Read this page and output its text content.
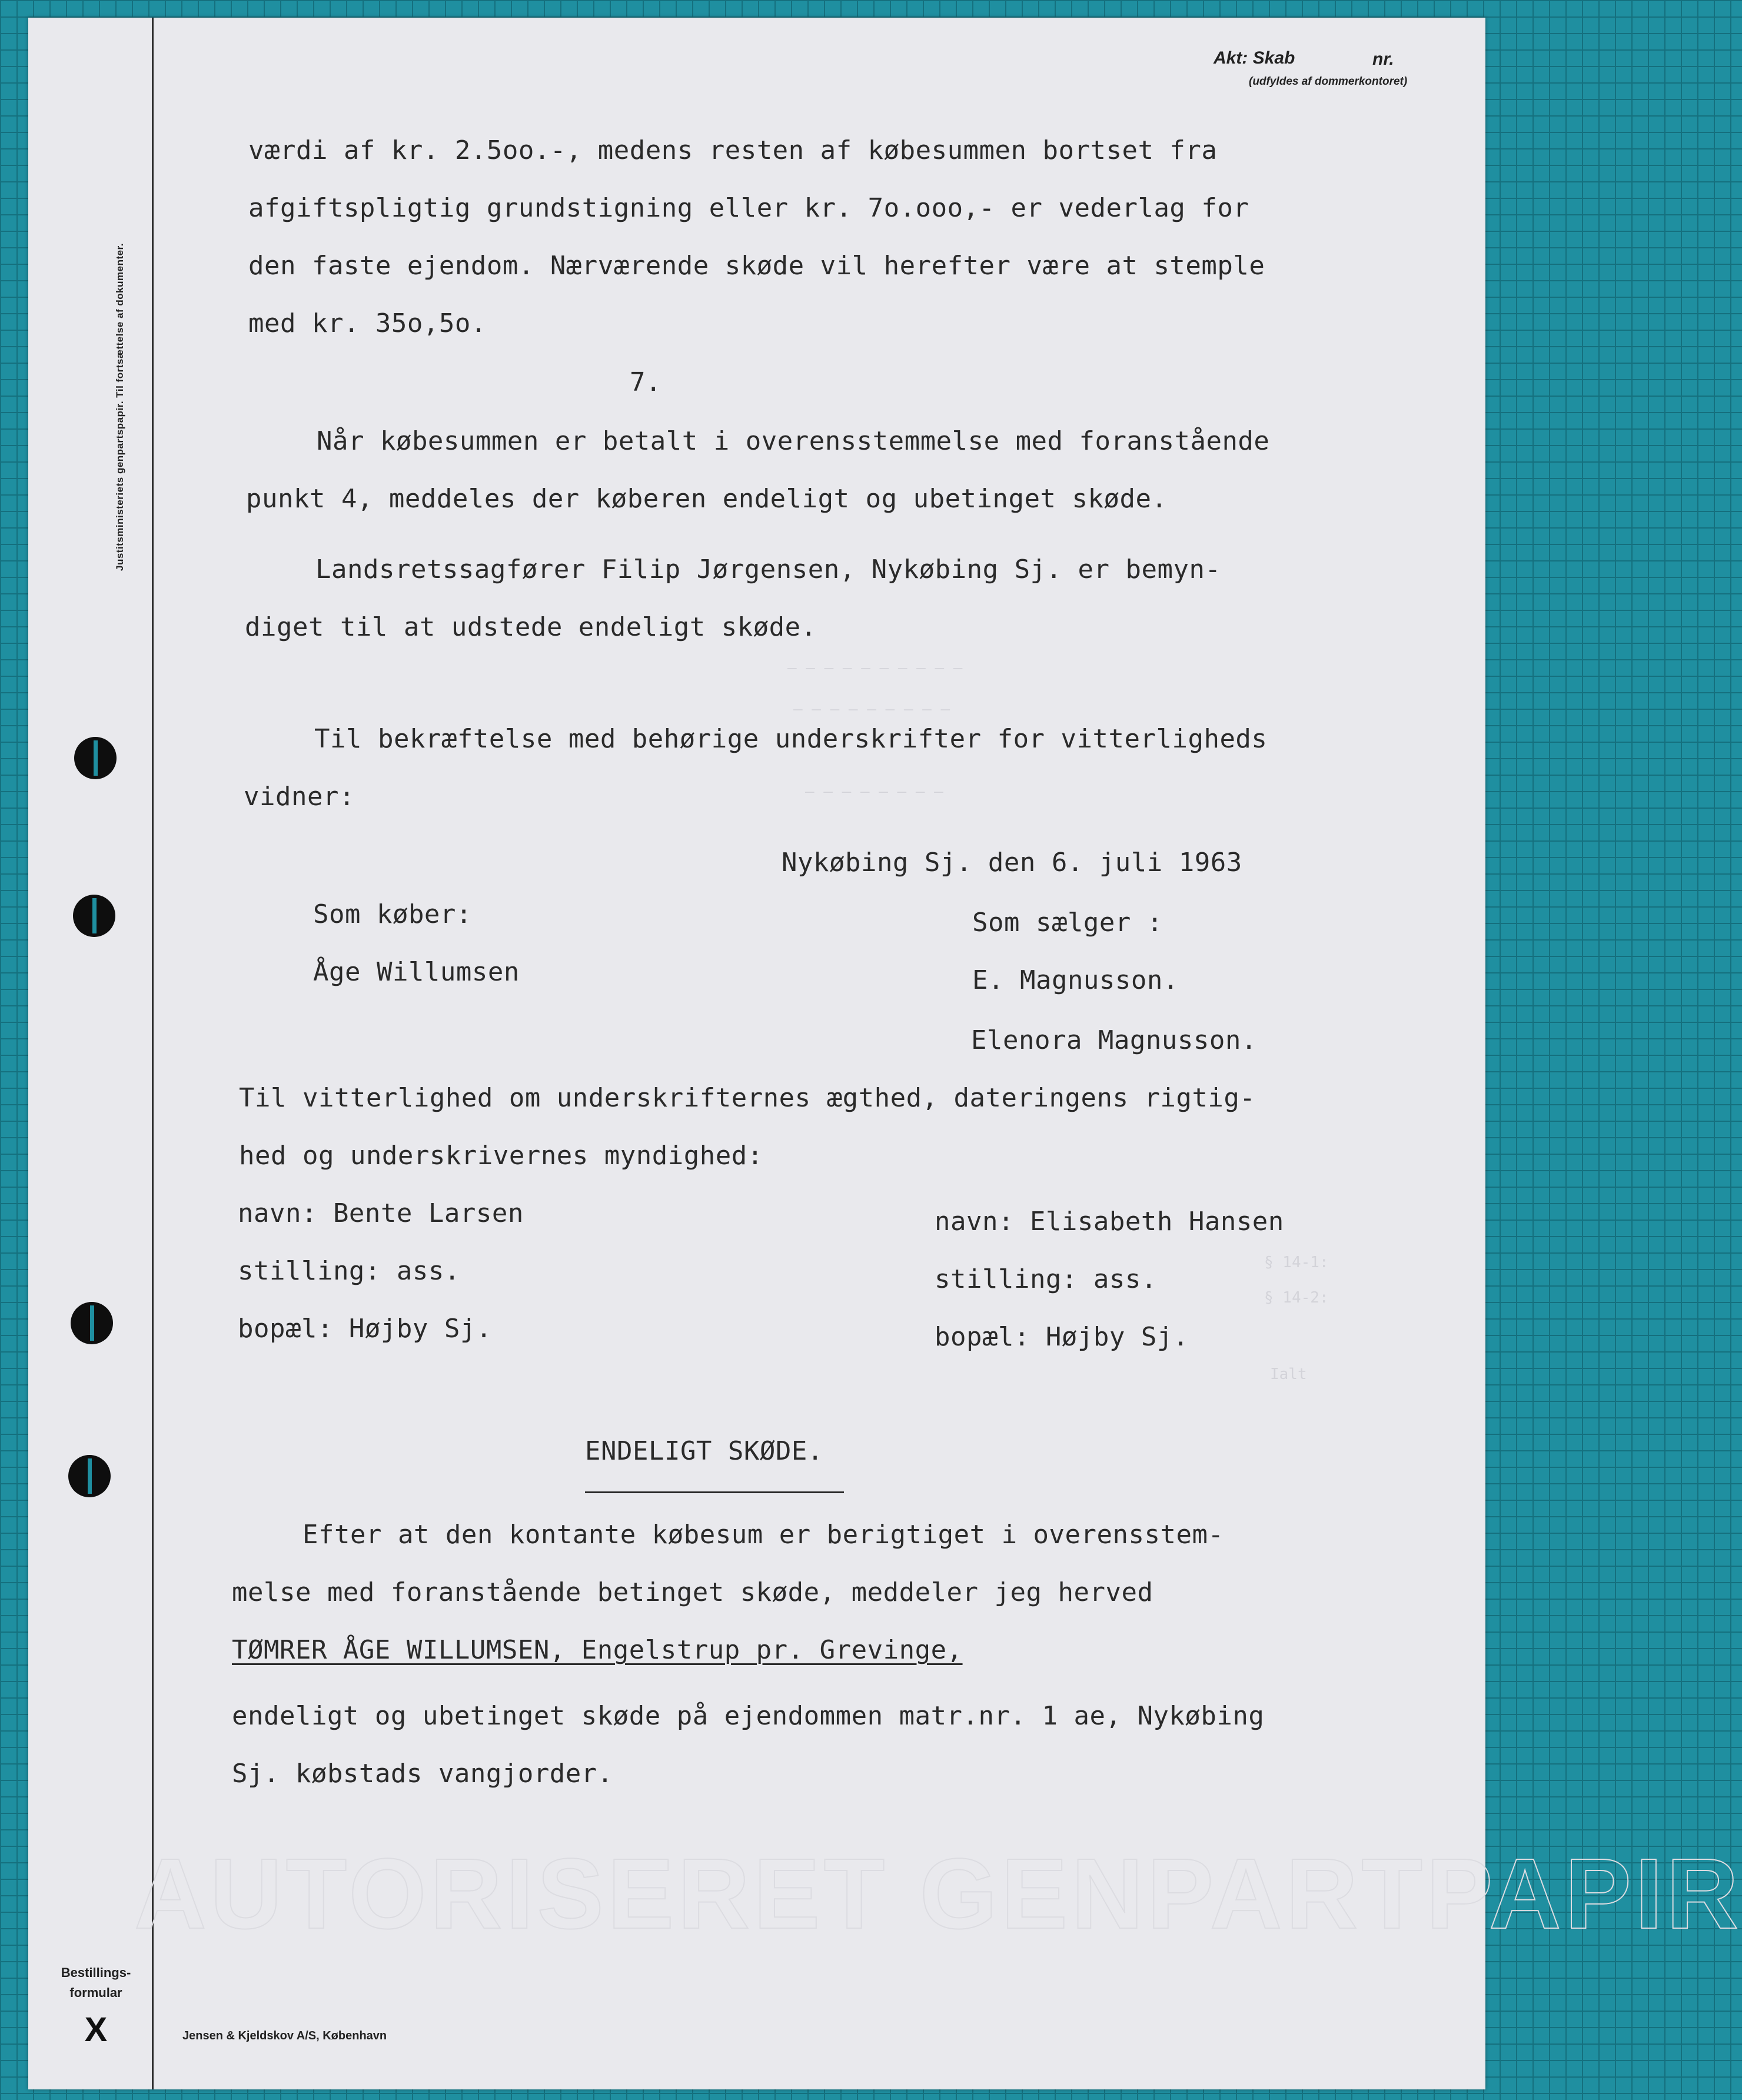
Justitsministeriets genpartspapir. Til fortsættelse af dokumenter.
Bestillings-
formular
X	Jensen & Kjeldskov A/S, København
Akt: Skab	nr.
(udfyldes af dommerkontoret)
AUTORISERET GENPARTPAPIR
— — — — — — — — — —
— — — — — — — — —
— — — — — — — —
§ 14-1:
§ 14-2:
Ialt
værdi af kr. 2.5oo.-, medens resten af købesummen bortset fra
afgiftspligtig grundstigning eller kr. 7o.ooo,- er vederlag for
den faste ejendom. Nærværende skøde vil herefter være at stemple
med kr. 35o,5o.
7.
Når købesummen er betalt i overensstemmelse med foranstående
punkt 4, meddeles der køberen endeligt og ubetinget skøde.
Landsretssagfører Filip Jørgensen, Nykøbing Sj. er bemyn-
diget til at udstede endeligt skøde.
Til bekræftelse med behørige underskrifter for vitterligheds
vidner:
Nykøbing Sj. den 6. juli 1963
Som køber:
Åge Willumsen
Som sælger :
E. Magnusson.
Elenora Magnusson.
Til vitterlighed om underskrifternes ægthed, dateringens rigtig-
hed og underskrivernes myndighed:
navn: Bente Larsen
stilling: ass.
bopæl: Højby Sj.
navn: Elisabeth Hansen
stilling: ass.
bopæl: Højby Sj.
ENDELIGT SKØDE.
Efter at den kontante købesum er berigtiget i overensstem-
melse med foranstående betinget skøde, meddeler jeg herved
TØMRER ÅGE WILLUMSEN, Engelstrup pr. Grevinge,
endeligt og ubetinget skøde på ejendommen matr.nr. 1 ae, Nykøbing
Sj. købstads vangjorder.
